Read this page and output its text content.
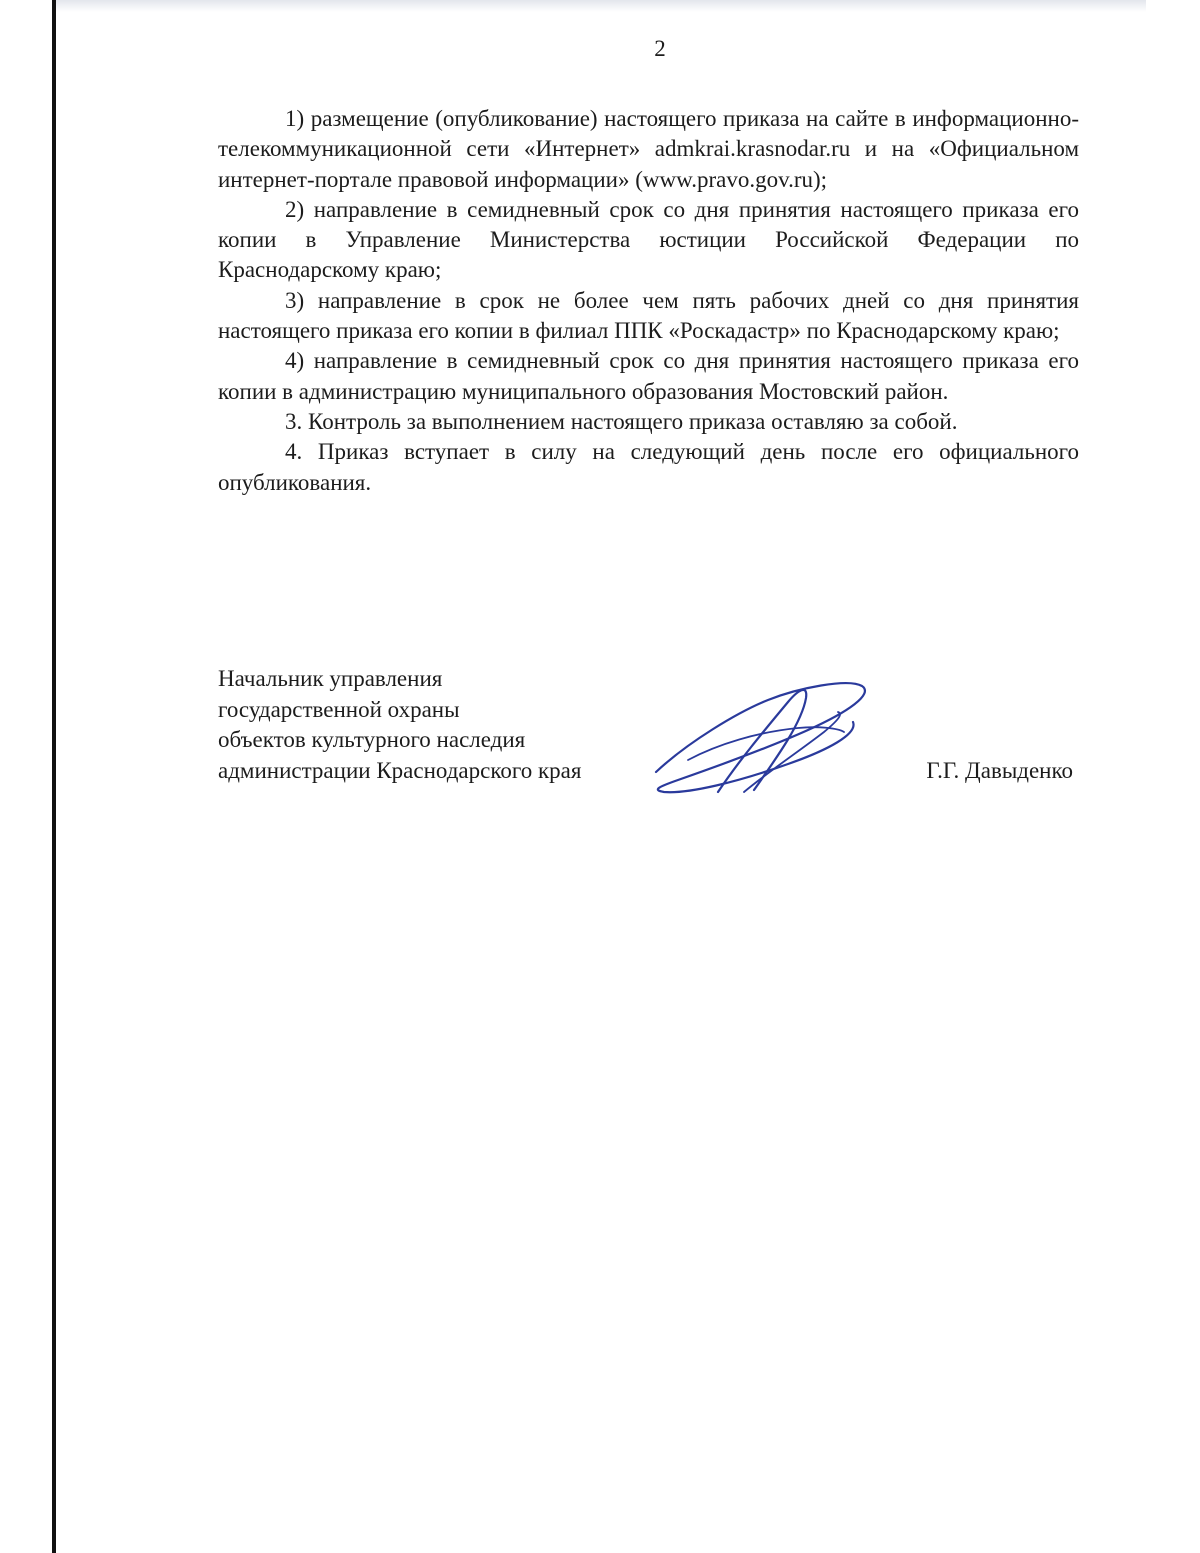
2

1) размещение (опубликование) настоящего приказа на сайте в информационно-телекоммуникационной сети «Интернет» admkrai.krasnodar.ru и на «Официальном интернет-портале правовой информации» (www.pravo.gov.ru);

2) направление в семидневный срок со дня принятия настоящего приказа его копии в Управление Министерства юстиции Российской Федерации по Краснодарскому краю;

3) направление в срок не более чем пять рабочих дней со дня принятия настоящего приказа его копии в филиал ППК «Роскадастр» по Краснодарскому краю;

4) направление в семидневный срок со дня принятия настоящего приказа его копии в администрацию муниципального образования Мостовский район.

3. Контроль за выполнением настоящего приказа оставляю за собой.

4. Приказ вступает в силу на следующий день после его официального опубликования.

Начальник управления
государственной охраны
объектов культурного наследия
администрации Краснодарского края	Г.Г. Давыденко
